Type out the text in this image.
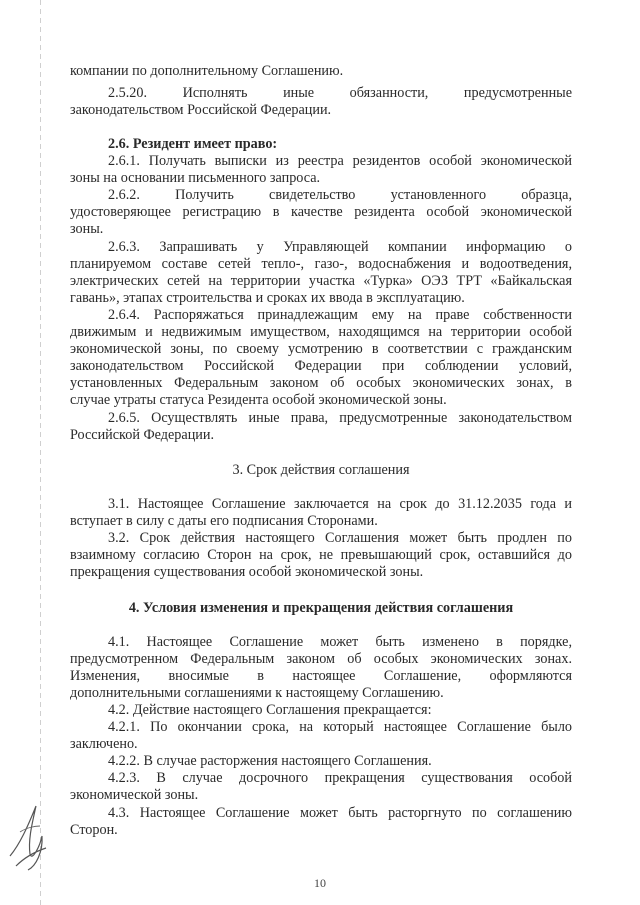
компании по дополнительному Соглашению.
2.5.20. Исполнять иные обязанности, предусмотренные
законодательством Российской Федерации.
2.6. Резидент имеет право:
2.6.1. Получать выписки из реестра резидентов особой экономической
зоны на основании письменного запроса.
2.6.2. Получить свидетельство установленного образца,
удостоверяющее регистрацию в качестве резидента особой экономической
зоны.
2.6.3. Запрашивать у Управляющей компании информацию о
планируемом составе сетей тепло-, газо-, водоснабжения и водоотведения,
электрических сетей на территории участка «Турка» ОЭЗ ТРТ «Байкальская
гавань», этапах строительства и сроках их ввода в эксплуатацию.
2.6.4. Распоряжаться принадлежащим ему на праве собственности
движимым и недвижимым имуществом, находящимся на территории особой
экономической зоны, по своему усмотрению в соответствии с гражданским
законодательством Российской Федерации при соблюдении условий,
установленных Федеральным законом об особых экономических зонах, в
случае утраты статуса Резидента особой экономической зоны.
2.6.5. Осуществлять иные права, предусмотренные законодательством
Российской Федерации.
3. Срок действия соглашения
3.1. Настоящее Соглашение заключается на срок до 31.12.2035 года и
вступает в силу с даты его подписания Сторонами.
3.2. Срок действия настоящего Соглашения может быть продлен по
взаимному согласию Сторон на срок, не превышающий срок, оставшийся до
прекращения существования особой экономической зоны.
4. Условия изменения и прекращения действия соглашения
4.1. Настоящее Соглашение может быть изменено в порядке,
предусмотренном Федеральным законом об особых экономических зонах.
Изменения, вносимые в настоящее Соглашение, оформляются
дополнительными соглашениями к настоящему Соглашению.
4.2. Действие настоящего Соглашения прекращается:
4.2.1. По окончании срока, на который настоящее Соглашение было
заключено.
4.2.2. В случае расторжения настоящего Соглашения.
4.2.3. В случае досрочного прекращения существования особой
экономической зоны.
4.3. Настоящее Соглашение может быть расторгнуто по соглашению
Сторон.
10
